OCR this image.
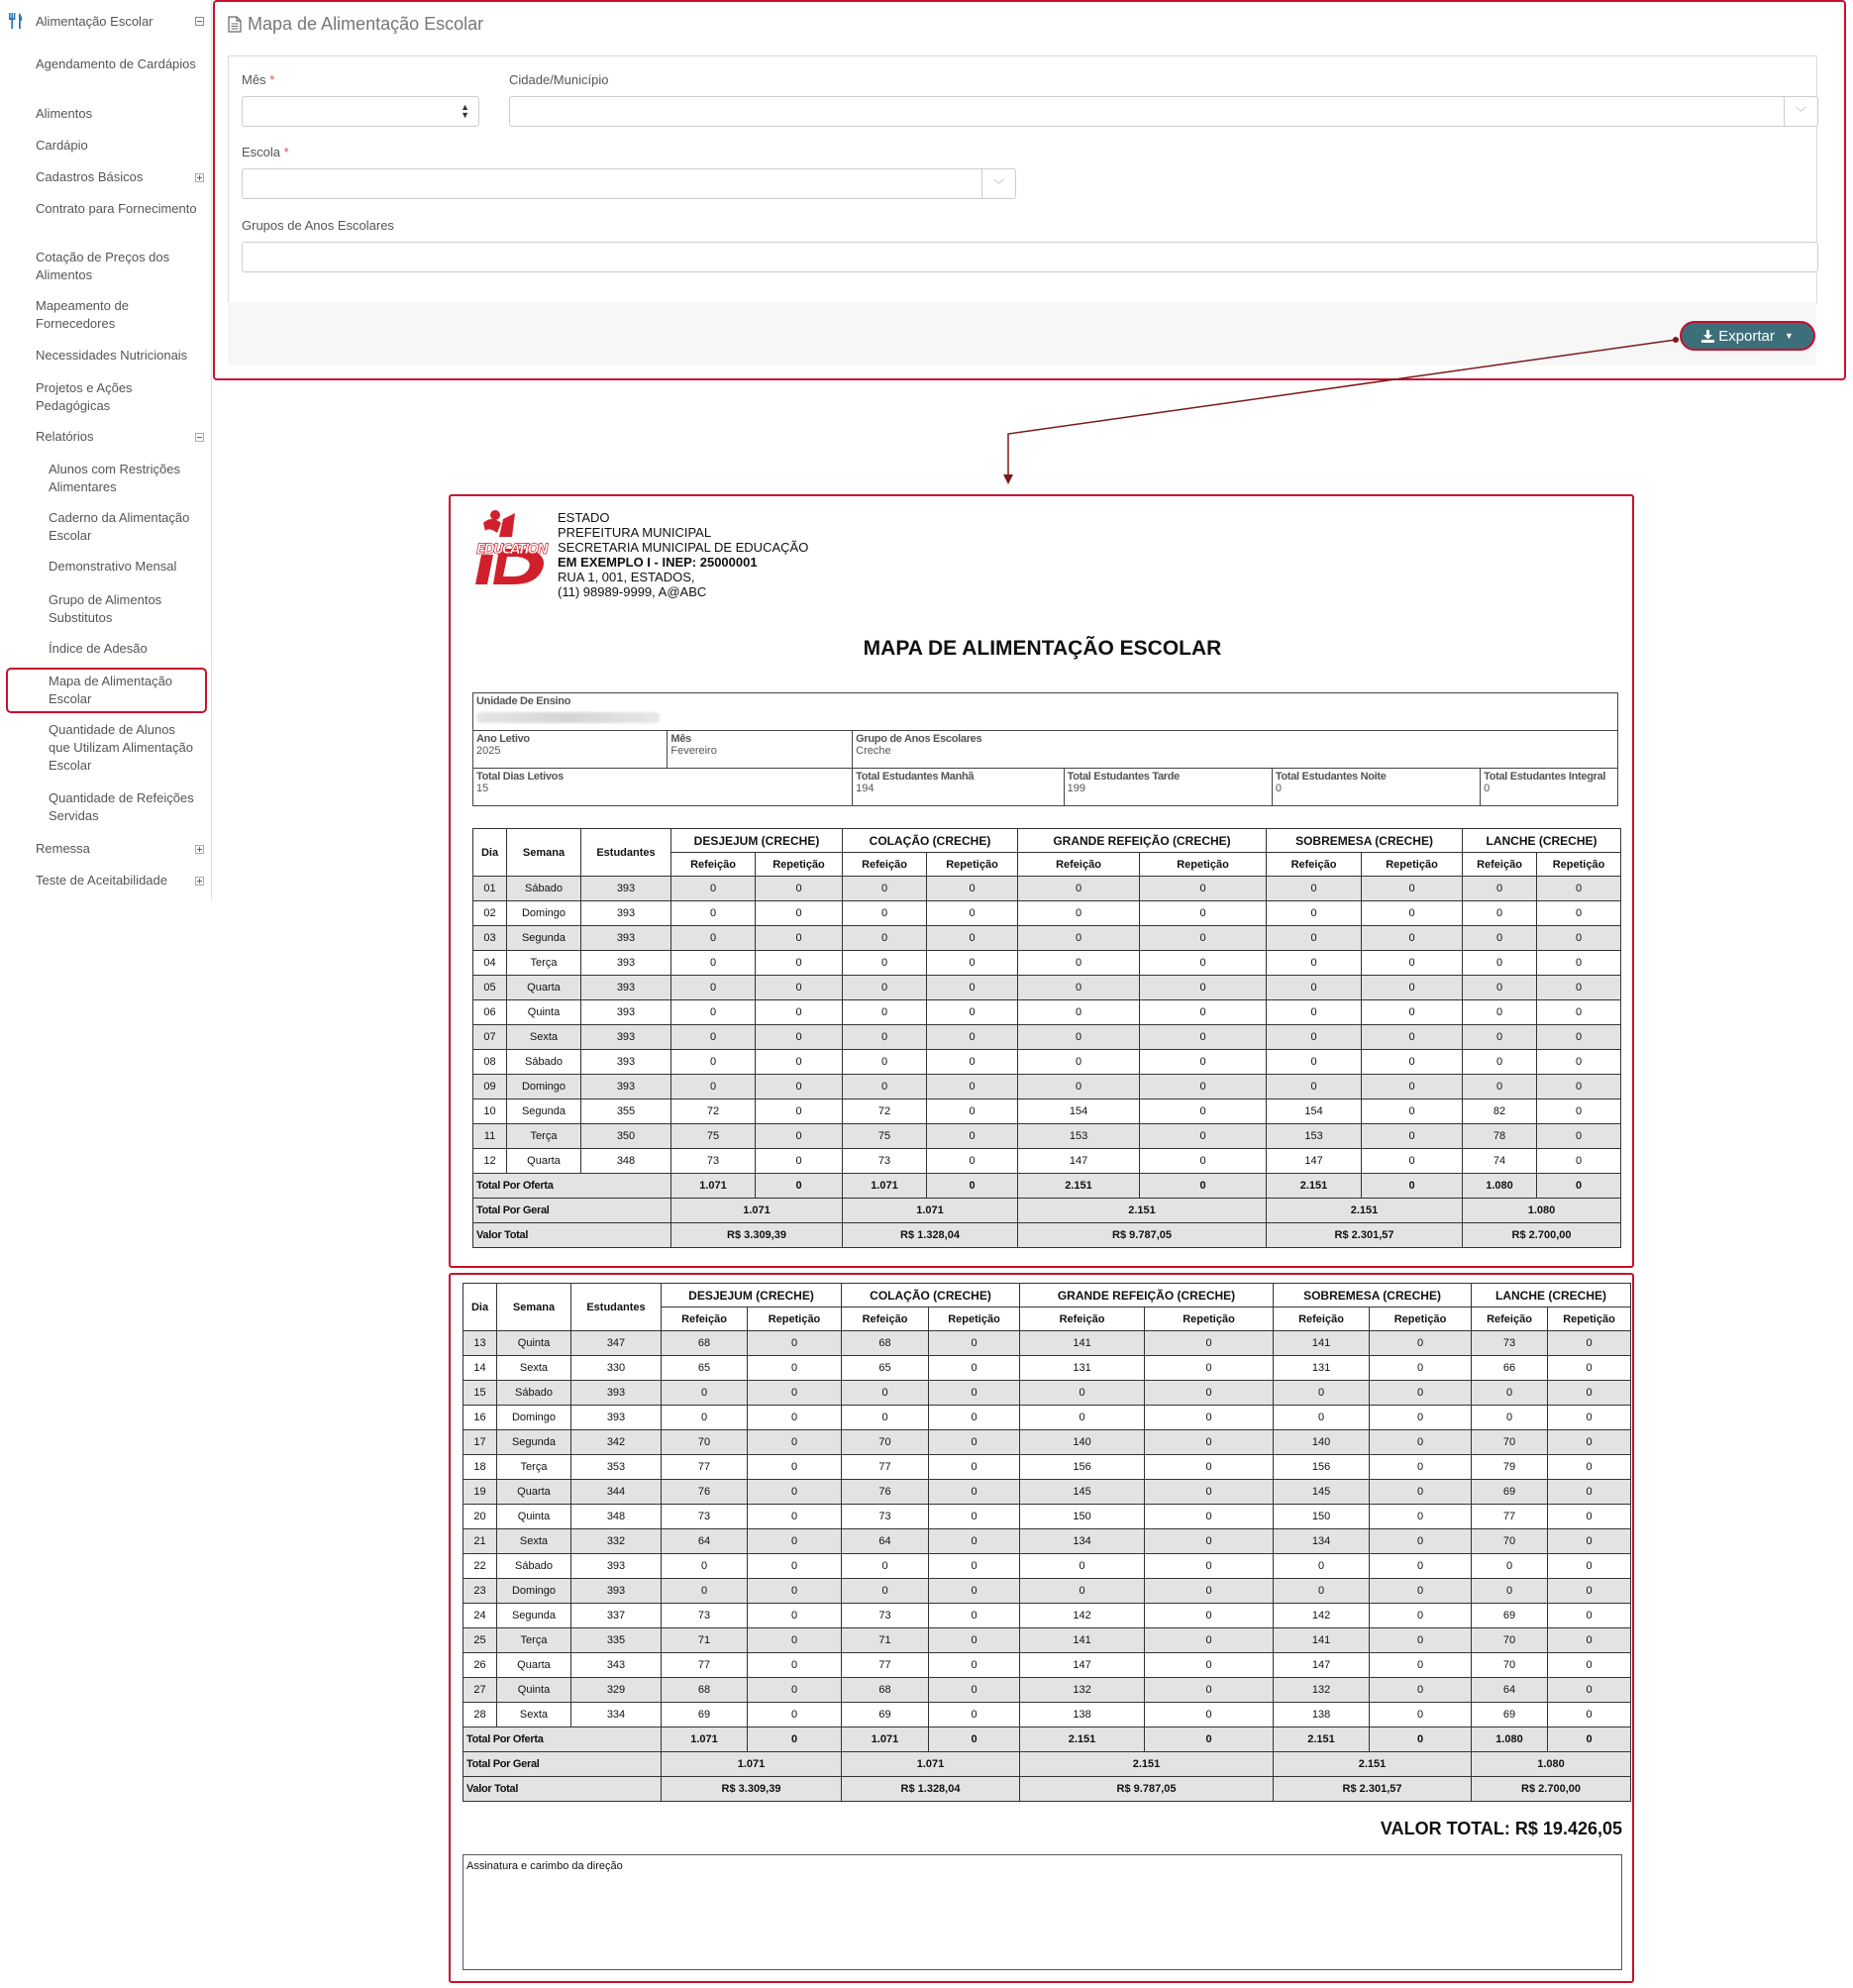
Alimentação Escolar
Agendamento de Cardápios
Alimentos
Cardápio
Cadastros Básicos
Contrato para Fornecimento
Cotação de Preços dos Alimentos
Mapeamento de Fornecedores
Necessidades Nutricionais
Projetos e Ações Pedagógicas
Relatórios
Alunos com Restrições Alimentares
Caderno da Alimentação Escolar
Demonstrativo Mensal
Grupo de Alimentos Substitutos
Índice de Adesão
Mapa de Alimentação Escolar
Quantidade de Alunos que Utilizam Alimentação Escolar
Quantidade de Refeições Servidas
Remessa
Teste de Aceitabilidade
Mapa de Alimentação Escolar
Mês *
▲
▼
Cidade/Município
﹀
Escola *
﹀
Grupos de Anos Escolares
Exportar ▼
EDUCATION
ESTADO
PREFEITURA MUNICIPAL
SECRETARIA MUNICIPAL DE EDUCAÇÃO
EM EXEMPLO I - INEP: 25000001
RUA 1, 001, ESTADOS,
(11) 98989-9999, A@ABC
MAPA DE ALIMENTAÇÃO ESCOLAR
Unidade De Ensino					

Ano Letivo
2025	Mês
Fevereiro	Grupo de Anos Escolares
Creche			

Total Dias Letivos
15		Total Estudantes Manhã
194	Total Estudantes Tarde
199	Total Estudantes Noite
0	Total Estudantes Integral
0
Dia	Semana	Estudantes	DESJEJUM (CRECHE)		COLAÇÃO (CRECHE)		GRANDE REFEIÇÃO (CRECHE)		SOBREMESA (CRECHE)		LANCHE (CRECHE)	
			Refeição	Repetição	Refeição	Repetição	Refeição	Repetição	Refeição	Repetição	Refeição	Repetição
01	Sábado	393	0	0	0	0	0	0	0	0	0	0
02	Domingo	393	0	0	0	0	0	0	0	0	0	0
03	Segunda	393	0	0	0	0	0	0	0	0	0	0
04	Terça	393	0	0	0	0	0	0	0	0	0	0
05	Quarta	393	0	0	0	0	0	0	0	0	0	0
06	Quinta	393	0	0	0	0	0	0	0	0	0	0
07	Sexta	393	0	0	0	0	0	0	0	0	0	0
08	Sábado	393	0	0	0	0	0	0	0	0	0	0
09	Domingo	393	0	0	0	0	0	0	0	0	0	0
10	Segunda	355	72	0	72	0	154	0	154	0	82	0
11	Terça	350	75	0	75	0	153	0	153	0	78	0
12	Quarta	348	73	0	73	0	147	0	147	0	74	0
Total Por Oferta			1.071	0	1.071	0	2.151	0	2.151	0	1.080	0
Total Por Geral			1.071		1.071		2.151		2.151		1.080	
Valor Total			R$ 3.309,39		R$ 1.328,04		R$ 9.787,05		R$ 2.301,57		R$ 2.700,00	
Dia	Semana	Estudantes	DESJEJUM (CRECHE)		COLAÇÃO (CRECHE)		GRANDE REFEIÇÃO (CRECHE)		SOBREMESA (CRECHE)		LANCHE (CRECHE)	
			Refeição	Repetição	Refeição	Repetição	Refeição	Repetição	Refeição	Repetição	Refeição	Repetição
13	Quinta	347	68	0	68	0	141	0	141	0	73	0
14	Sexta	330	65	0	65	0	131	0	131	0	66	0
15	Sábado	393	0	0	0	0	0	0	0	0	0	0
16	Domingo	393	0	0	0	0	0	0	0	0	0	0
17	Segunda	342	70	0	70	0	140	0	140	0	70	0
18	Terça	353	77	0	77	0	156	0	156	0	79	0
19	Quarta	344	76	0	76	0	145	0	145	0	69	0
20	Quinta	348	73	0	73	0	150	0	150	0	77	0
21	Sexta	332	64	0	64	0	134	0	134	0	70	0
22	Sábado	393	0	0	0	0	0	0	0	0	0	0
23	Domingo	393	0	0	0	0	0	0	0	0	0	0
24	Segunda	337	73	0	73	0	142	0	142	0	69	0
25	Terça	335	71	0	71	0	141	0	141	0	70	0
26	Quarta	343	77	0	77	0	147	0	147	0	70	0
27	Quinta	329	68	0	68	0	132	0	132	0	64	0
28	Sexta	334	69	0	69	0	138	0	138	0	69	0
Total Por Oferta			1.071	0	1.071	0	2.151	0	2.151	0	1.080	0
Total Por Geral			1.071		1.071		2.151		2.151		1.080	
Valor Total			R$ 3.309,39		R$ 1.328,04		R$ 9.787,05		R$ 2.301,57		R$ 2.700,00	
VALOR TOTAL: R$ 19.426,05
Assinatura e carimbo da direção
